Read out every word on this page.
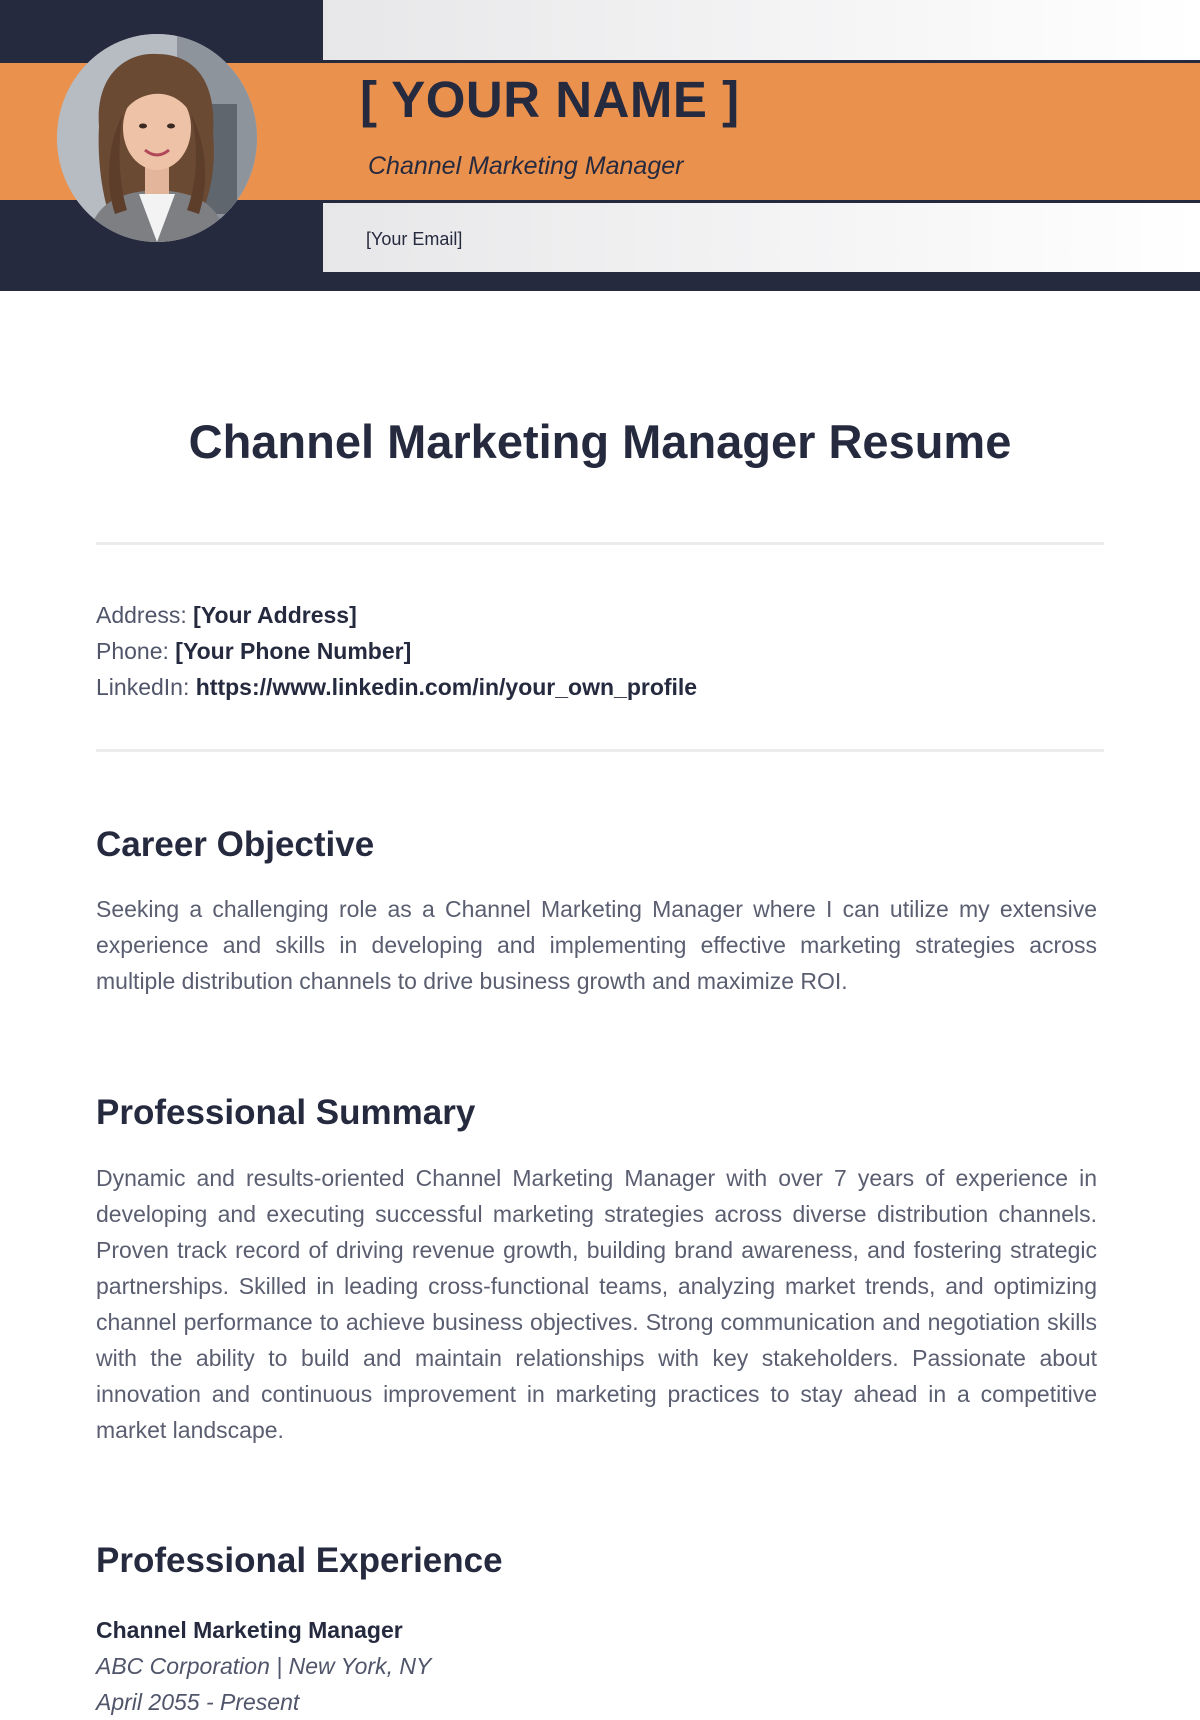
[ YOUR NAME ]
Channel Marketing Manager
[Your Email]
Channel Marketing Manager Resume
Address: [Your Address]
Phone: [Your Phone Number]
LinkedIn: https://www.linkedin.com/in/your_own_profile
Career Objective

Seeking a challenging role as a Channel Marketing Manager where I can utilize my extensive experience and skills in developing and implementing effective marketing strategies across multiple distribution channels to drive business growth and maximize ROI.

Professional Summary

Dynamic and results-oriented Channel Marketing Manager with over 7 years of experience in developing and executing successful marketing strategies across diverse distribution channels. Proven track record of driving revenue growth, building brand awareness, and fostering strategic partnerships. Skilled in leading cross-functional teams, analyzing market trends, and optimizing channel performance to achieve business objectives. Strong communication and negotiation skills with the ability to build and maintain relationships with key stakeholders. Passionate about innovation and continuous improvement in marketing practices to stay ahead in a competitive market landscape.

Professional Experience
Channel Marketing Manager
ABC Corporation | New York, NY
April 2055 - Present
